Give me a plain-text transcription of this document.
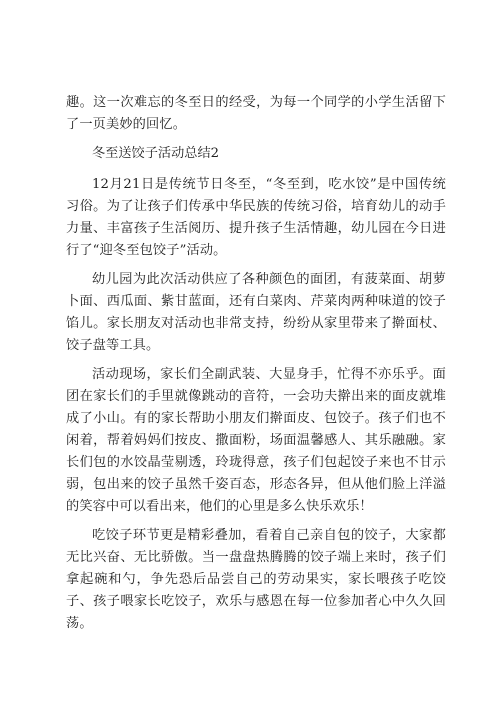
趣。这一次难忘的冬至日的经受，为每一个同学的小学生活留下了一页美妙的回忆。

冬至送饺子活动总结2

12月21日是传统节日冬至，“冬至到，吃水饺”是中国传统习俗。为了让孩子们传承中华民族的传统习俗，培育幼儿的动手力量、丰富孩子生活阅历、提升孩子生活情趣，幼儿园在今日进行了“迎冬至包饺子”活动。

幼儿园为此次活动供应了各种颜色的面团，有菠菜面、胡萝卜面、西瓜面、紫甘蓝面，还有白菜肉、芹菜肉两种味道的饺子馅儿。家长朋友对活动也非常支持，纷纷从家里带来了擀面杖、饺子盘等工具。

活动现场，家长们全副武装、大显身手，忙得不亦乐乎。面团在家长们的手里就像跳动的音符，一会功夫擀出来的面皮就堆成了小山。有的家长帮助小朋友们擀面皮、包饺子。孩子们也不闲着，帮着妈妈们按皮、撒面粉，场面温馨感人、其乐融融。家长们包的水饺晶莹剔透，玲珑得意，孩子们包起饺子来也不甘示弱，包出来的饺子虽然千姿百态，形态各异，但从他们脸上洋溢的笑容中可以看出来，他们的心里是多么快乐欢乐！

吃饺子环节更是精彩叠加，看着自己亲自包的饺子，大家都无比兴奋、无比骄傲。当一盘盘热腾腾的饺子端上来时，孩子们拿起碗和勺，争先恐后品尝自己的劳动果实，家长喂孩子吃饺子、孩子喂家长吃饺子，欢乐与感恩在每一位参加者心中久久回荡。
